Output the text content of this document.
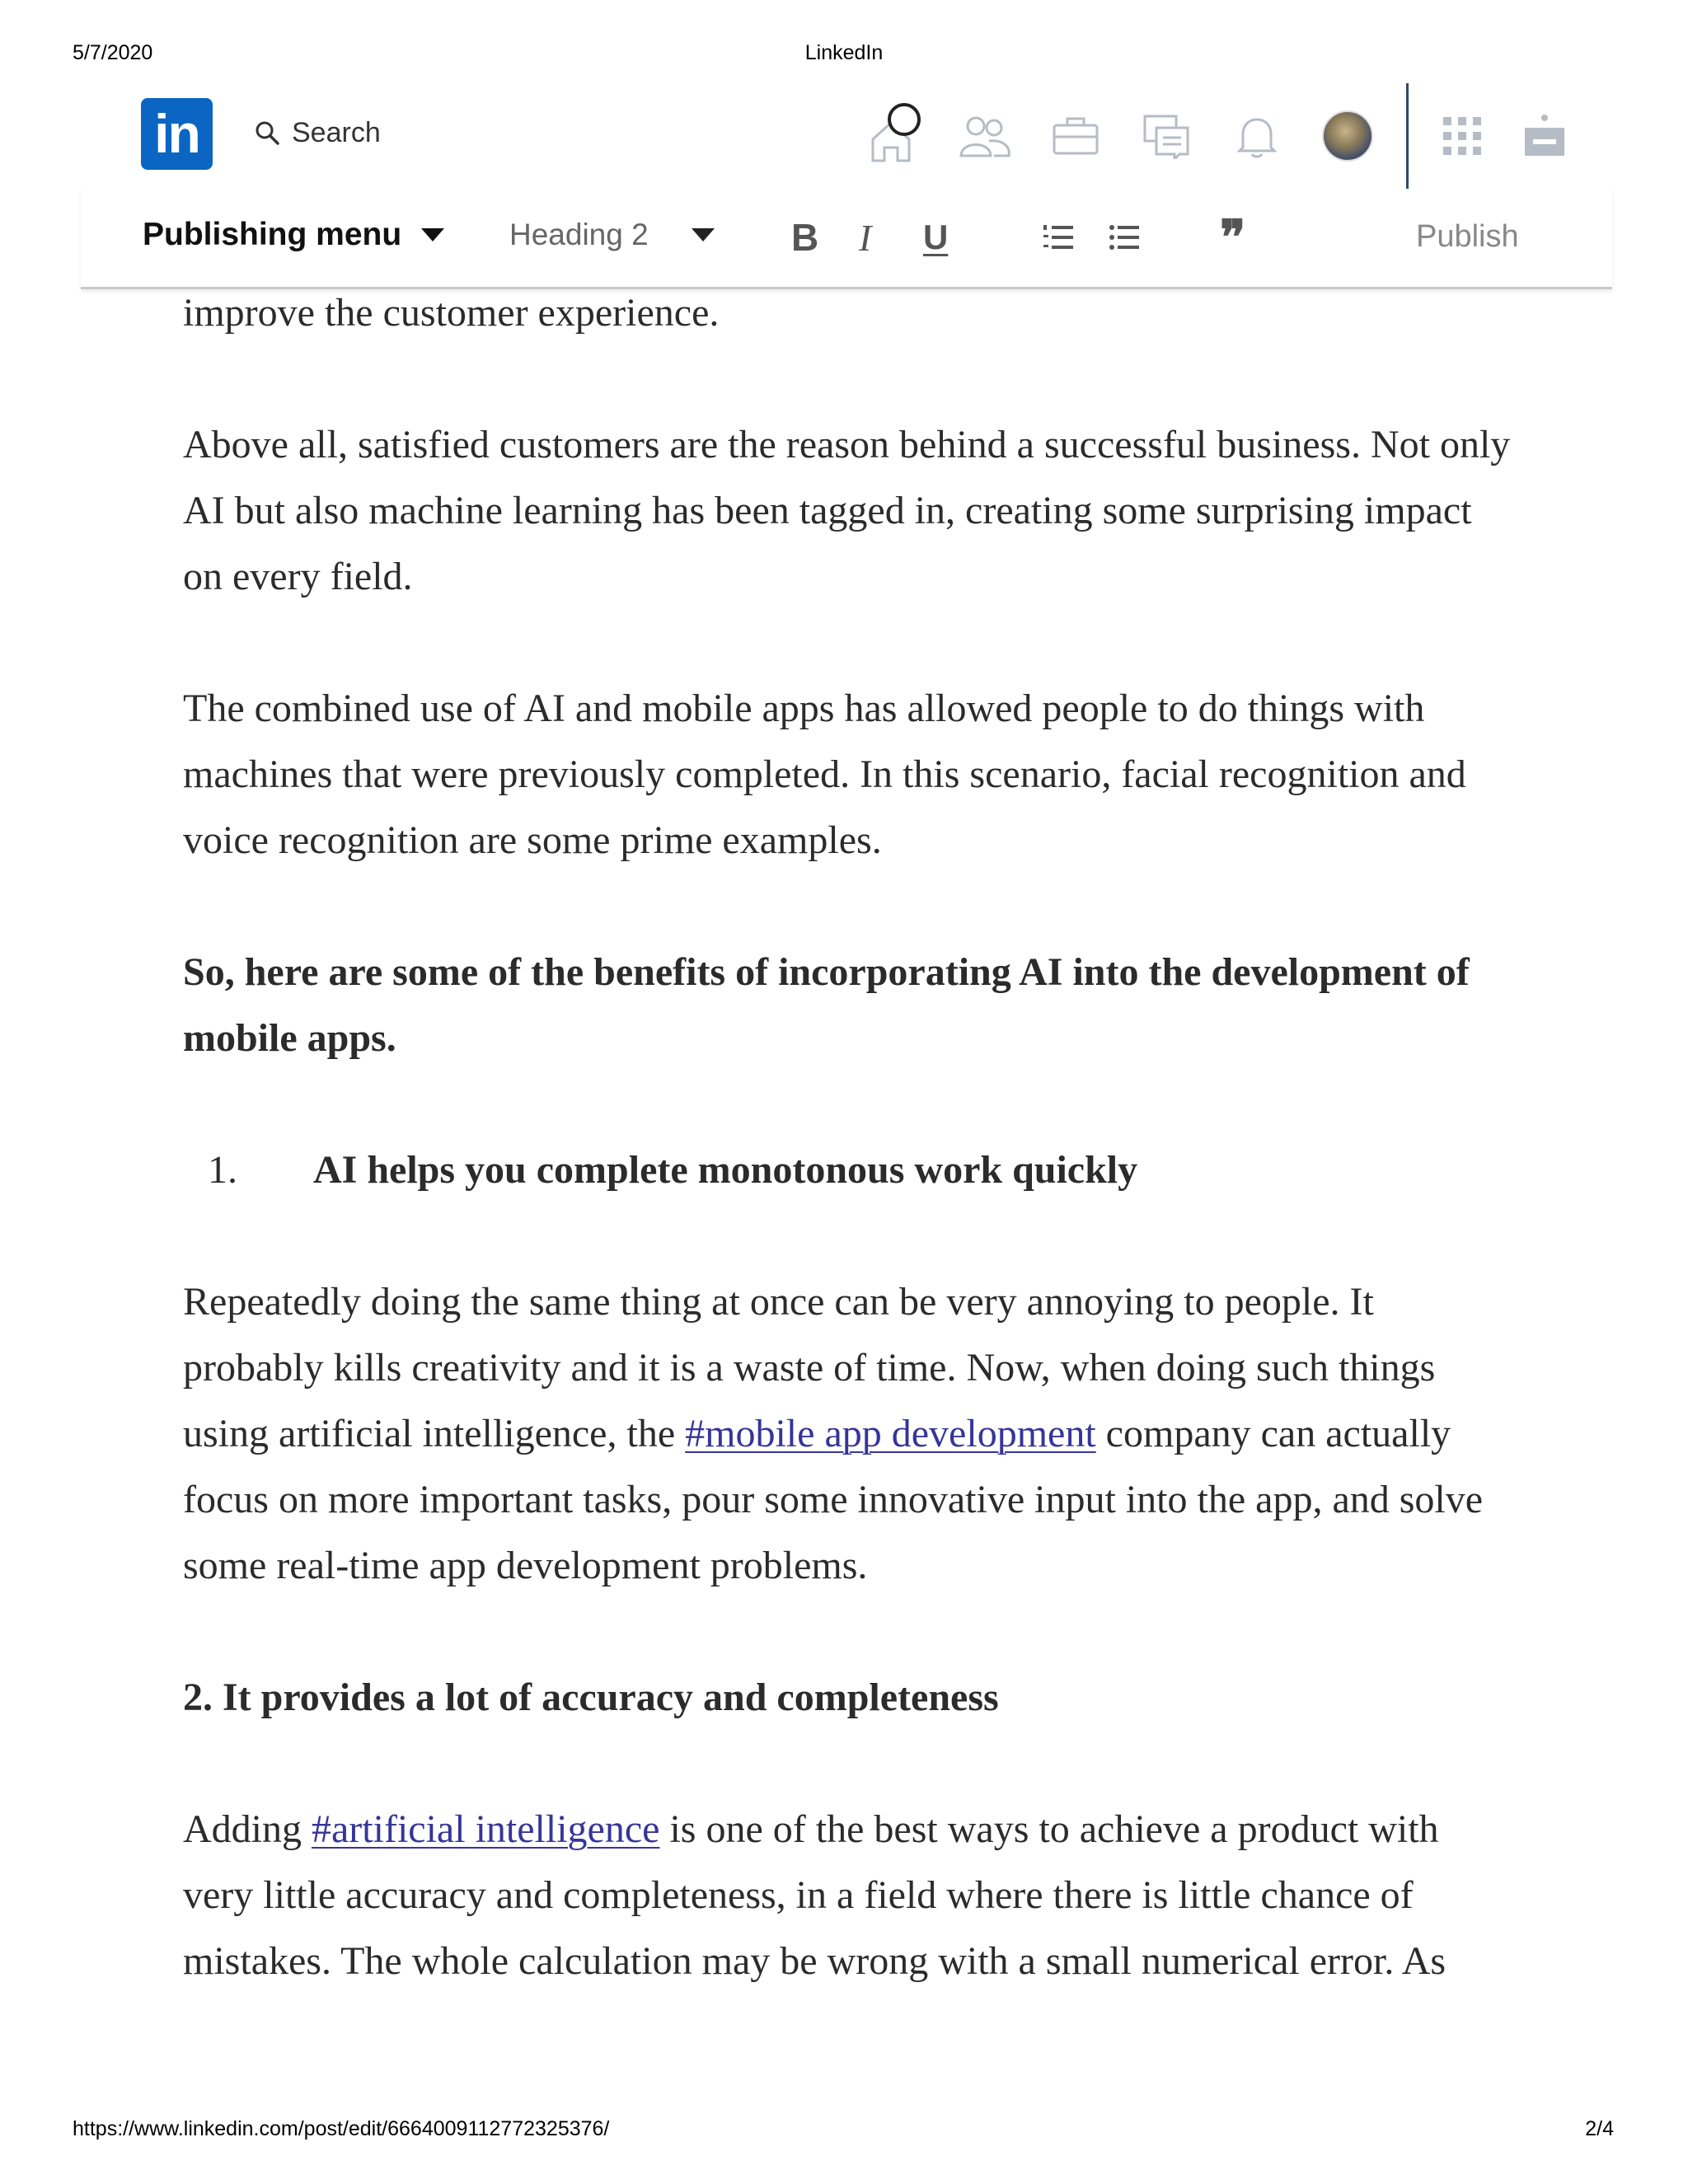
5/7/2020	LinkedIn
in	Search
Publishing menu	Heading 2	B I U	❞	Publish

improve the customer experience.

Above all, satisfied customers are the reason behind a successful business. Not only AI but also machine learning has been tagged in, creating some surprising impact on every field.

The combined use of AI and mobile apps has allowed people to do things with machines that were previously completed. In this scenario, facial recognition and voice recognition are some prime examples.

So, here are some of the benefits of incorporating AI into the development of mobile apps.

1.	AI helps you complete monotonous work quickly

Repeatedly doing the same thing at once can be very annoying to people. It probably kills creativity and it is a waste of time. Now, when doing such things using artificial intelligence, the #mobile app development company can actually focus on more important tasks, pour some innovative input into the app, and solve some real-time app development problems.

2. It provides a lot of accuracy and completeness

Adding #artificial intelligence is one of the best ways to achieve a product with very little accuracy and completeness, in a field where there is little chance of mistakes. The whole calculation may be wrong with a small numerical error. As

https://www.linkedin.com/post/edit/6664009112772325376/	2/4
